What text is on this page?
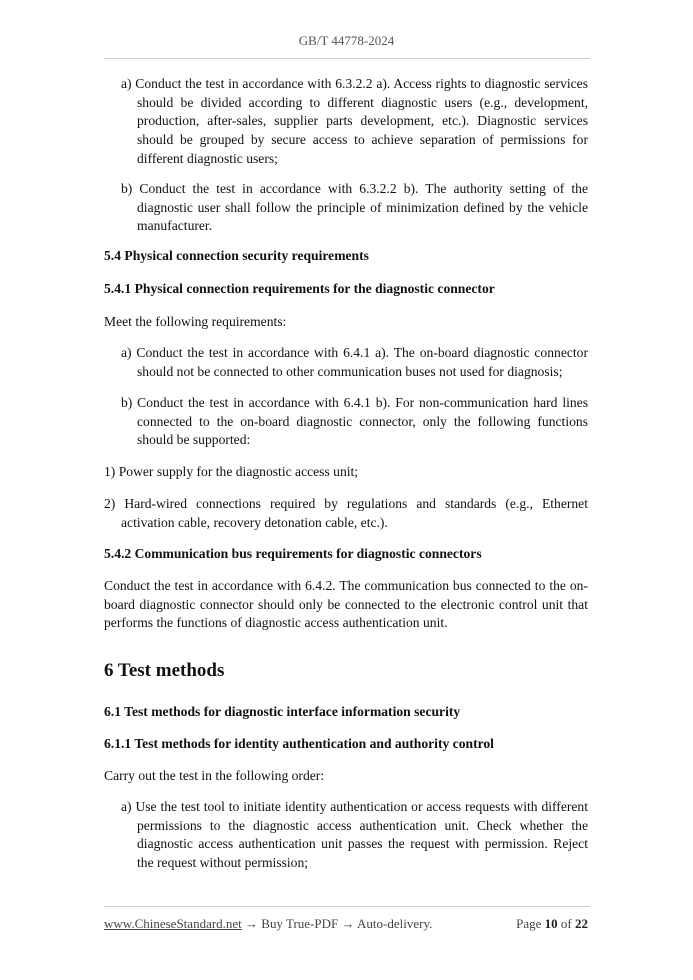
GB/T 44778-2024
a) Conduct the test in accordance with 6.3.2.2 a). Access rights to diagnostic services should be divided according to different diagnostic users (e.g., development, production, after-sales, supplier parts development, etc.). Diagnostic services should be grouped by secure access to achieve separation of permissions for different diagnostic users;
b) Conduct the test in accordance with 6.3.2.2 b). The authority setting of the diagnostic user shall follow the principle of minimization defined by the vehicle manufacturer.
5.4 Physical connection security requirements
5.4.1 Physical connection requirements for the diagnostic connector
Meet the following requirements:
a) Conduct the test in accordance with 6.4.1 a). The on-board diagnostic connector should not be connected to other communication buses not used for diagnosis;
b) Conduct the test in accordance with 6.4.1 b). For non-communication hard lines connected to the on-board diagnostic connector, only the following functions should be supported:
1) Power supply for the diagnostic access unit;
2) Hard-wired connections required by regulations and standards (e.g., Ethernet activation cable, recovery detonation cable, etc.).
5.4.2 Communication bus requirements for diagnostic connectors
Conduct the test in accordance with 6.4.2. The communication bus connected to the on-board diagnostic connector should only be connected to the electronic control unit that performs the functions of diagnostic access authentication unit.
6 Test methods
6.1 Test methods for diagnostic interface information security
6.1.1 Test methods for identity authentication and authority control
Carry out the test in the following order:
a) Use the test tool to initiate identity authentication or access requests with different permissions to the diagnostic access authentication unit. Check whether the diagnostic access authentication unit passes the request with permission. Reject the request without permission;
www.ChineseStandard.net → Buy True-PDF → Auto-delivery.	Page 10 of 22
